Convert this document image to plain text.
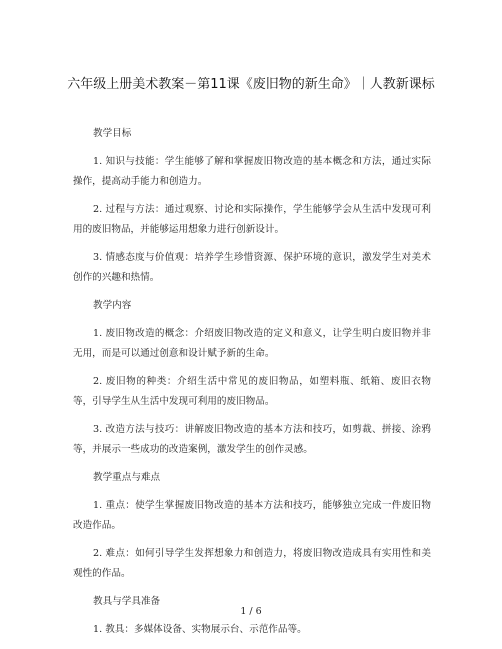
六年级上册美术教案－第11课《废旧物的新生命》｜人教新课标
教学目标
1. 知识与技能：学生能够了解和掌握废旧物改造的基本概念和方法，通过实际操作，提高动手能力和创造力。
2. 过程与方法：通过观察、讨论和实际操作，学生能够学会从生活中发现可利用的废旧物品，并能够运用想象力进行创新设计。
3. 情感态度与价值观：培养学生珍惜资源、保护环境的意识，激发学生对美术创作的兴趣和热情。
教学内容
1. 废旧物改造的概念：介绍废旧物改造的定义和意义，让学生明白废旧物并非无用，而是可以通过创意和设计赋予新的生命。
2. 废旧物的种类：介绍生活中常见的废旧物品，如塑料瓶、纸箱、废旧衣物等，引导学生从生活中发现可利用的废旧物品。
3. 改造方法与技巧：讲解废旧物改造的基本方法和技巧，如剪裁、拼接、涂鸦等，并展示一些成功的改造案例，激发学生的创作灵感。
教学重点与难点
1. 重点：使学生掌握废旧物改造的基本方法和技巧，能够独立完成一件废旧物改造作品。
2. 难点：如何引导学生发挥想象力和创造力，将废旧物改造成具有实用性和美观性的作品。
教具与学具准备
1. 教具：多媒体设备、实物展示台、示范作品等。
1 / 6
